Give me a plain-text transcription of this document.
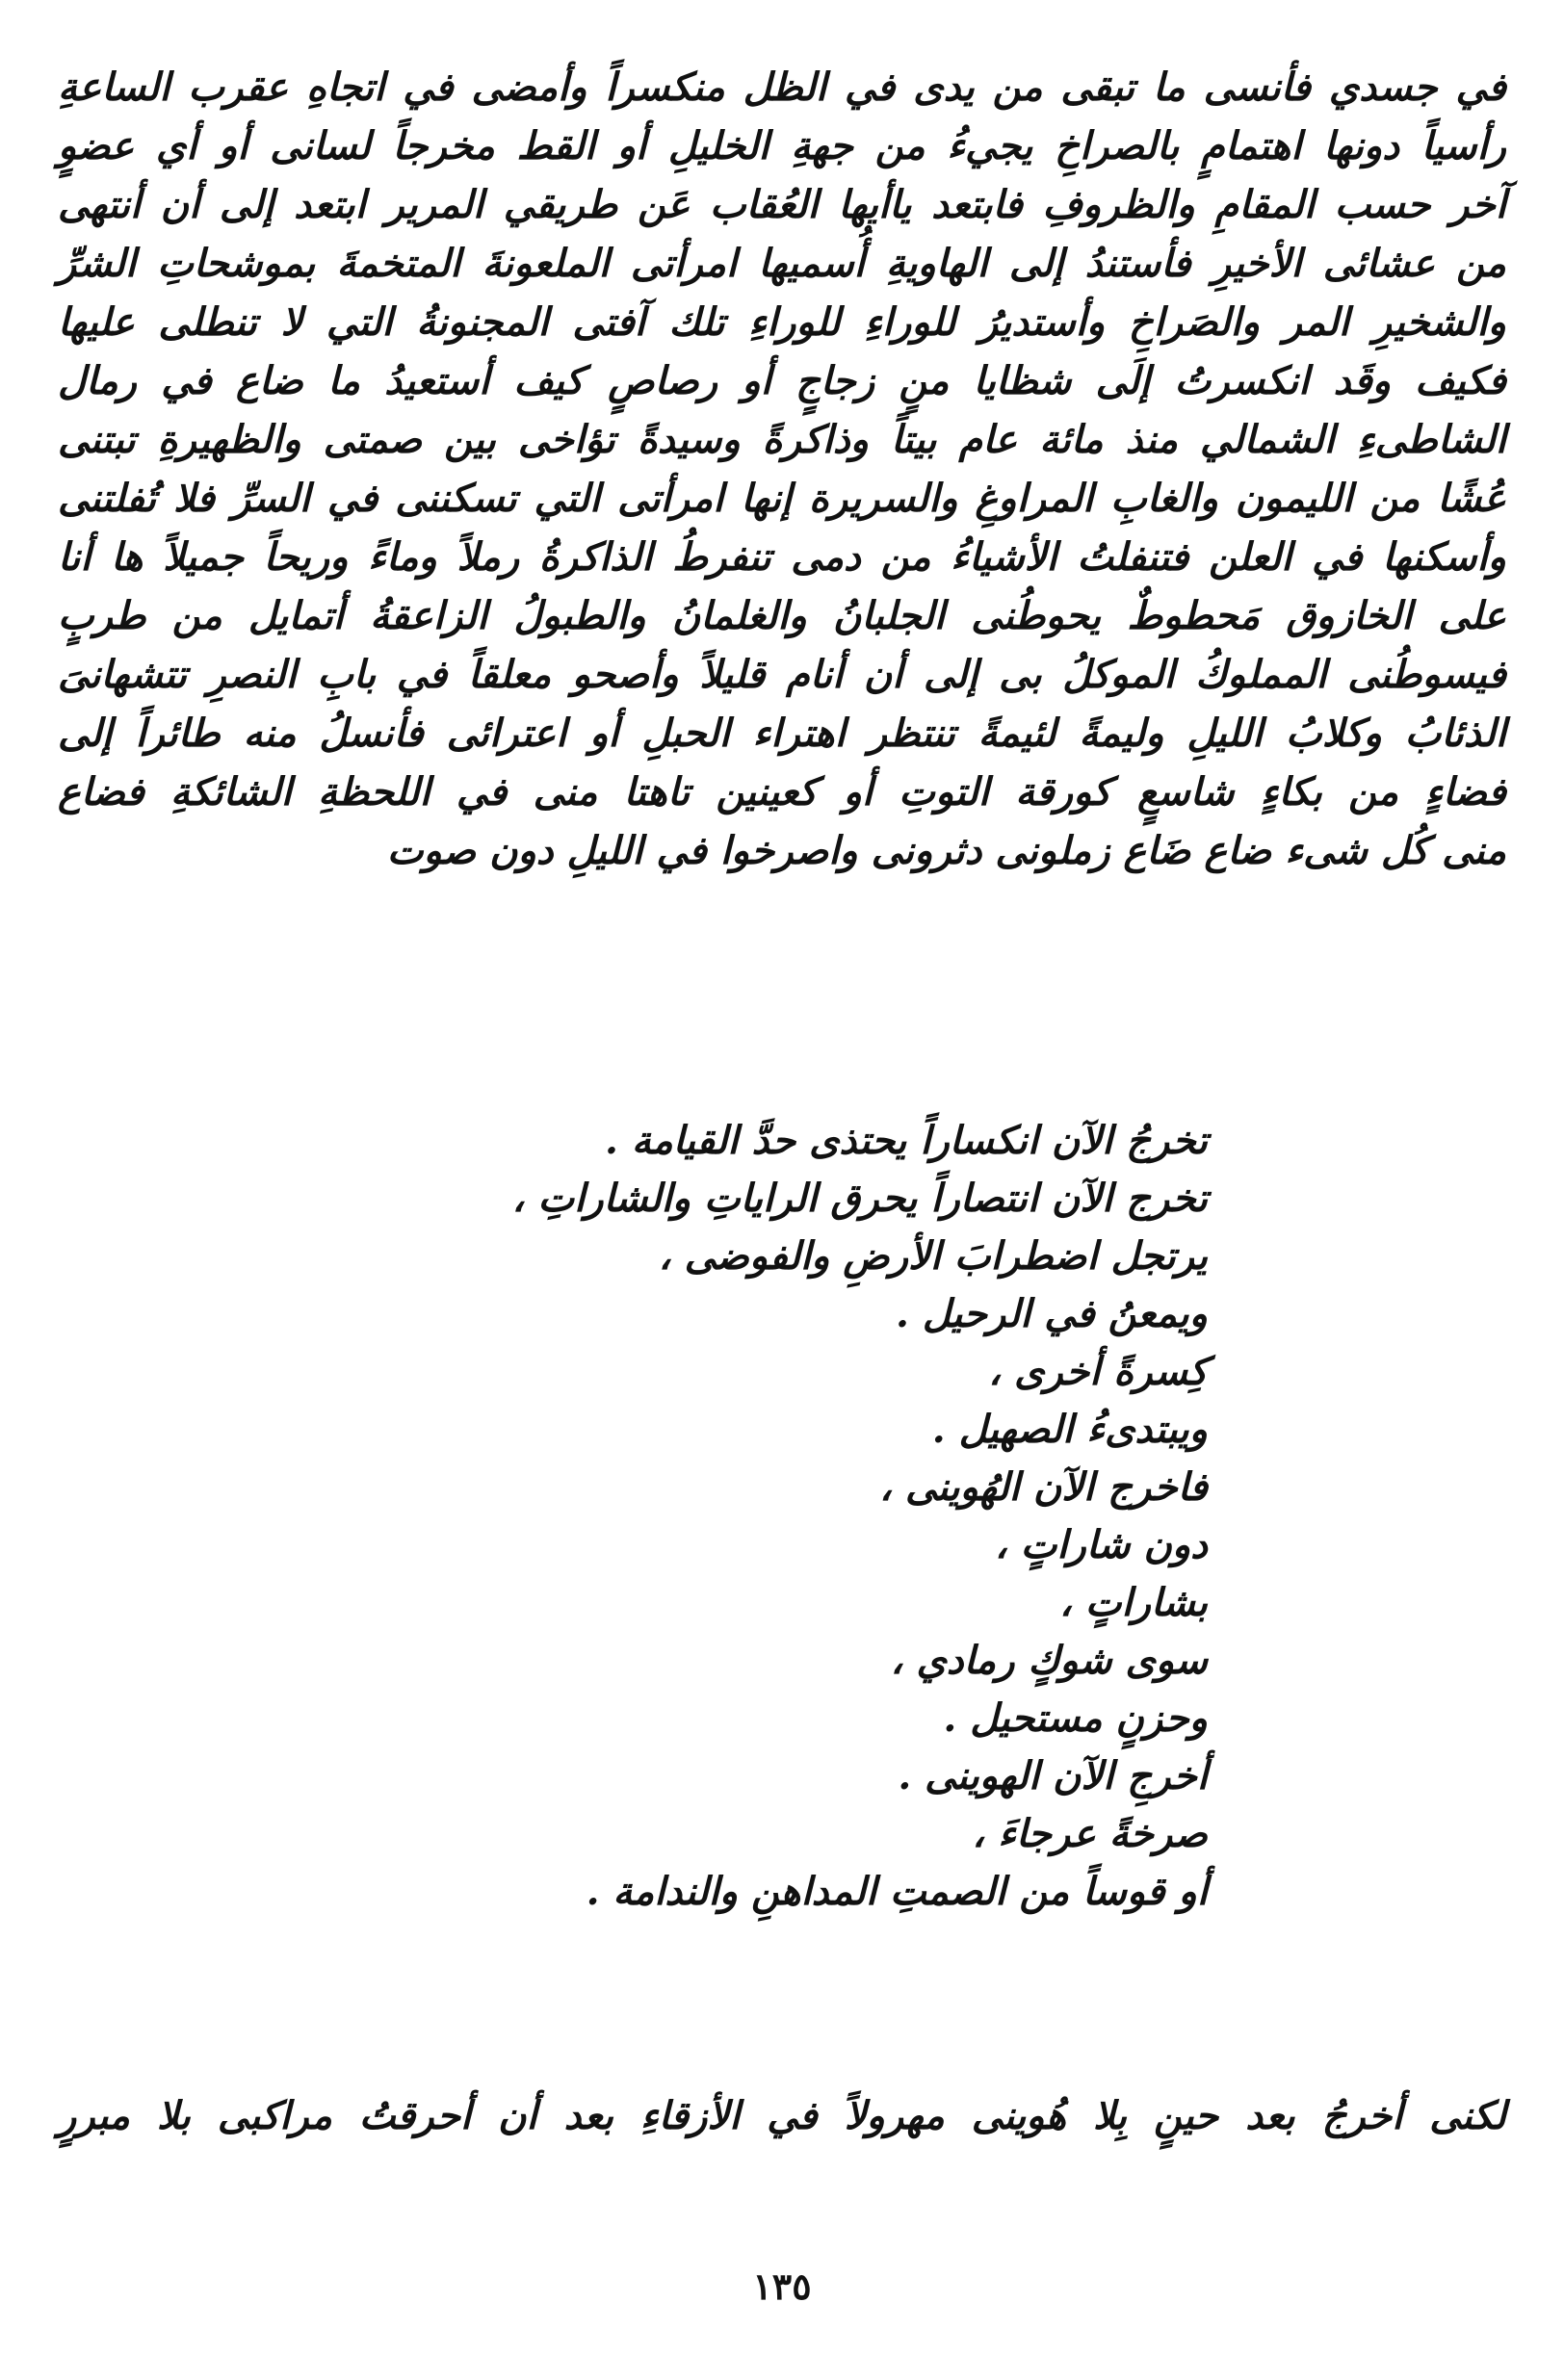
في جسدي فأنسى ما تبقى من يدى في الظل منكسراً وأمضى في اتجاهِ عقرب الساعةِ
رأسياً دونها اهتمامٍ بالصراخِ يجيءُ من جهةِ الخليلِ أو القط مخرجاً لسانى أو أي عضوٍ
آخر حسب المقامِ والظروفِ فابتعد ياأيها العُقاب عَن طريقي المرير ابتعد إلى أن أنتهى
من عشائى الأخيرِ فأستندُ إلى الهاويةِ أُسميها امرأتى الملعونةَ المتخمةَ بموشحاتِ الشرِّ
والشخيرِ المر والصَراخِ وأستديرُ للوراءِ للوراءِ تلك آفتى المجنونةُ التي لا تنطلى عليها
فكيف وقَد انكسرتُ إلَى شظايا منٍ زجاجٍ أو رصاصٍ كيف أستعيدُ ما ضاع في رمال
الشاطىءِ الشمالي منذ مائة عام بيتاً وذاكرةً وسيدةً تؤاخى بين صمتى والظهيرةِ تبتنى
عُشًا من الليمون والغابِ المراوغِ والسريرة إنها امرأتى التي تسكننى في السرِّ فلا تُفلتنى
وأسكنها في العلن فتنفلتُ الأشياءُ من دمى تنفرطُ الذاكرةُ رملاً وماءً وريحاً جميلاً ها أنا
على الخازوق مَحطوطٌ يحوطُنى الجلبانُ والغلمانُ والطبولُ الزاعقةُ أتمايل من طربٍ
فيسوطُنى المملوكُ الموكلُ بى إلى أن أنام قليلاً وأصحو معلقاً في بابِ النصرِ تتشهانىَ
الذئابُ وكلابُ الليلِ وليمةً لئيمةً تنتظر اهتراء الحبلِ أو اعترائى فأنسلُ منه طائراً إلى
فضاءٍ من بكاءٍ شاسعٍ كورقة التوتِ أو كعينين تاهتا منى في اللحظةِ الشائكةِ فضاع
منى كُل شىء ضاع ضَاع زملونى دثرونى واصرخوا في الليلِ دون صوت
تخرجُ الآن انكساراً يحتذى حدَّ القيامة .
تخرج الآن انتصاراً يحرق الراياتِ والشاراتِ ،
يرتجل اضطرابَ الأرضِ والفوضى ،
ويمعنُ في الرحيل .
كِسرةً أخرى ،
ويبتدىءُ الصهيل .
فاخرج الآن الهُوينى ،
دون شاراتٍ ،
بشاراتٍ ،
سوى شوكٍ رمادي ،
وحزنٍ مستحيل .
أخرجِ الآن الهوينى .
صرخةً عرجاءَ ،
أو قوساً من الصمتِ المداهنِ والندامة .

لكنى أخرجُ بعد حينٍ بِلا هُوينى مهرولاً في الأزقاءِ بعد أن أحرقتُ مراكبى بلا مبررٍ

١٣٥
